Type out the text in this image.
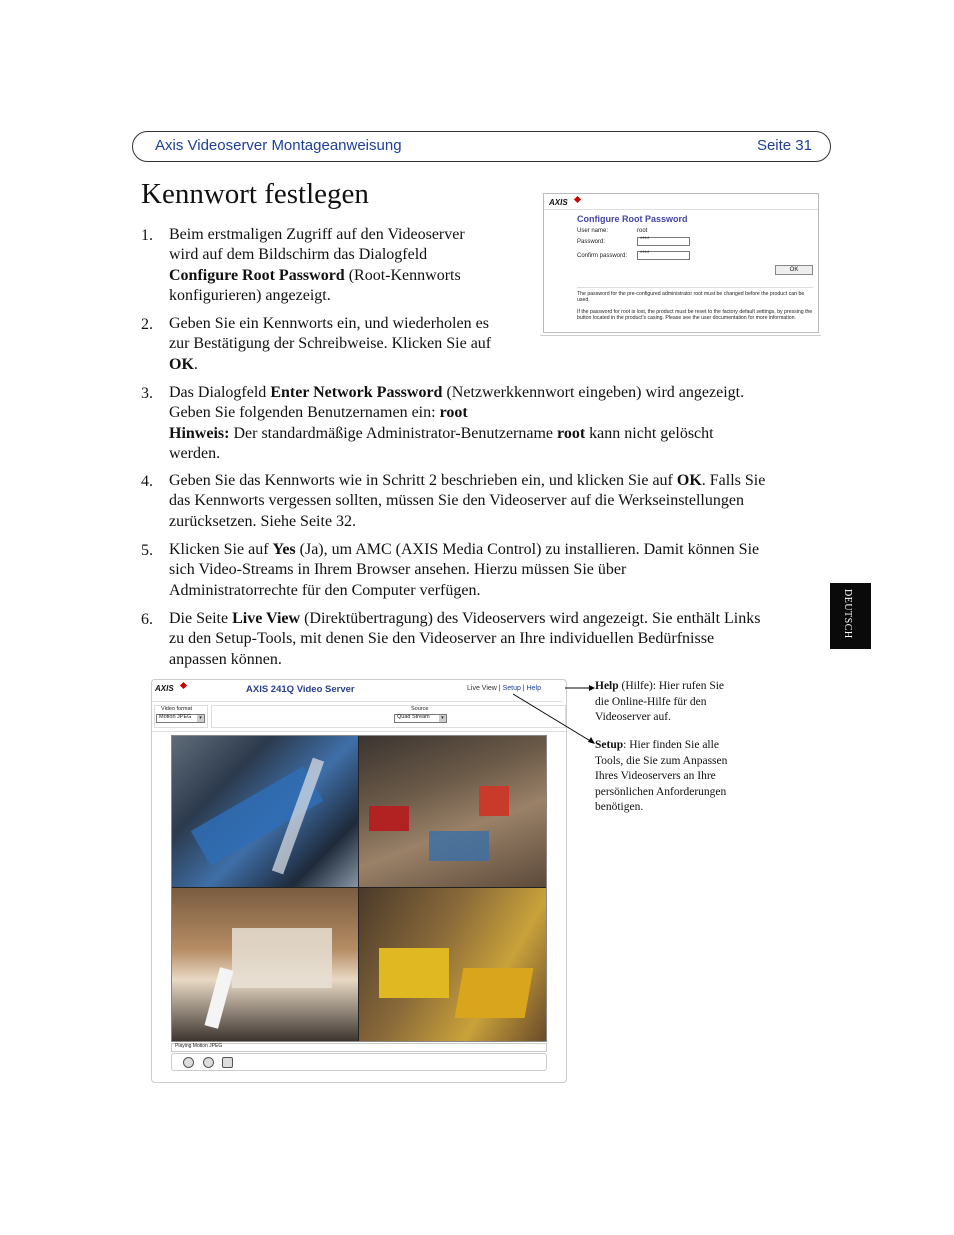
Axis Videoserver Montageanweisung	Seite 31
Kennwort festlegen
1. Beim erstmaligen Zugriff auf den Videoserver
wird auf dem Bildschirm das Dialogfeld
Configure Root Password (Root-Kennworts
konfigurieren) angezeigt.
2. Geben Sie ein Kennworts ein, und wiederholen es
zur Bestätigung der Schreibweise. Klicken Sie auf
OK.
3. Das Dialogfeld Enter Network Password (Netzwerkkennwort eingeben) wird angezeigt.
Geben Sie folgenden Benutzernamen ein: root
Hinweis: Der standardmäßige Administrator-Benutzername root kann nicht gelöscht
werden.
4. Geben Sie das Kennworts wie in Schritt 2 beschrieben ein, und klicken Sie auf OK. Falls Sie
das Kennworts vergessen sollten, müssen Sie den Videoserver auf die Werkseinstellungen
zurücksetzen. Siehe Seite 32.
5. Klicken Sie auf Yes (Ja), um AMC (AXIS Media Control) zu installieren. Damit können Sie
sich Video-Streams in Ihrem Browser ansehen. Hierzu müssen Sie über
Administratorrechte für den Computer verfügen.
6. Die Seite Live View (Direktübertragung) des Videoservers wird angezeigt. Sie enthält Links
zu den Setup-Tools, mit denen Sie den Videoserver an Ihre individuellen Bedürfnisse
anpassen können.
DEUTSCH
AXIS
Configure Root Password
User name:	root
Password:	****
Confirm password:	****
OK
The password for the pre-configured administrator root must be changed before the product can be used.
If the password for root is lost, the product must be reset to the factory default settings, by pressing the button located in the product's casing. Please see the user documentation for more information.
AXIS	AXIS 241Q Video Server	Live View | Setup | Help
Video format
Motion JPEG	▾
Source
Quad Stream	▾
Playing Motion JPEG
Help (Hilfe): Hier rufen Sie
die Online-Hilfe für den
Videoserver auf.
Setup: Hier finden Sie alle
Tools, die Sie zum Anpassen
Ihres Videoservers an Ihre
persönlichen Anforderungen
benötigen.
